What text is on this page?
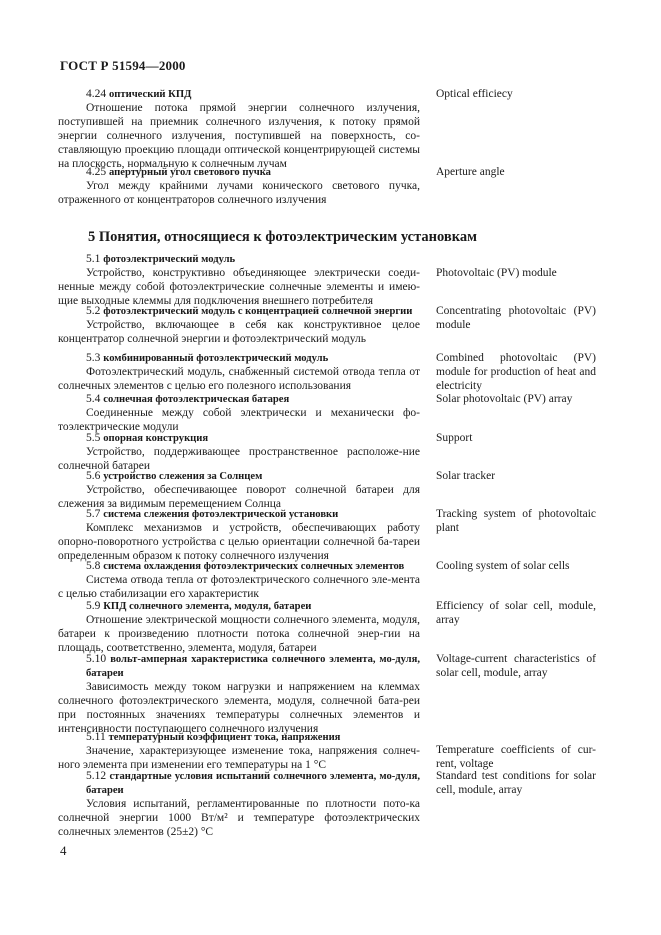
ГОСТ Р 51594—2000
4.24 оптический КПД
Отношение потока прямой энергии солнечного излучения, поступившей на приемник солнечного излучения, к потоку прямой энергии солнечного излучения, поступившей на поверхность, со-ставляющую проекцию площади оптической концентрирующей системы на плоскость, нормальную к солнечным лучам
Optical efficiecy
4.25 апертурный угол светового пучка
Угол между крайними лучами конического светового пучка, отраженного от концентраторов солнечного излучения
Aperture angle
5 Понятия, относящиеся к фотоэлектрическим установкам
5.1 фотоэлектрический модуль
Устройство, конструктивно объединяющее электрически соеди-ненные между собой фотоэлектрические солнечные элементы и имею-щие выходные клеммы для подключения внешнего потребителя
Photovoltaic (PV) module
5.2 фотоэлектрический модуль с концентрацией солнечной энергии
Устройство, включающее в себя как конструктивное целое концентратор солнечной энергии и фотоэлектрический модуль
Concentrating photovoltaic (PV) module
5.3 комбинированный фотоэлектрический модуль
Фотоэлектрический модуль, снабженный системой отвода тепла от солнечных элементов с целью его полезного использования
Combined photovoltaic (PV) module for production of heat and electricity
5.4 солнечная фотоэлектрическая батарея
Соединенные между собой электрически и механически фо-тоэлектрические модули
Solar photovoltaic (PV) array
5.5 опорная конструкция
Устройство, поддерживающее пространственное расположе-ние солнечной батареи
Support
5.6 устройство слежения за Солнцем
Устройство, обеспечивающее поворот солнечной батареи для слежения за видимым перемещением Солнца
Solar tracker
5.7 система слежения фотоэлектрической установки
Комплекс механизмов и устройств, обеспечивающих работу опорно-поворотного устройства с целью ориентации солнечной ба-тареи определенным образом к потоку солнечного излучения
Tracking system of photovoltaic plant
5.8 система охлаждения фотоэлектрических солнечных элементов
Система отвода тепла от фотоэлектрического солнечного эле-мента с целью стабилизации его характеристик
Cooling system of solar cells
5.9 КПД солнечного элемента, модуля, батареи
Отношение электрической мощности солнечного элемента, модуля, батареи к произведению плотности потока солнечной энер-гии на площадь, соответственно, элемента, модуля, батареи
Efficiency of solar cell, module, array
5.10 вольт-амперная характеристика солнечного элемента, мо-дуля, батареи
Зависимость между током нагрузки и напряжением на клеммах солнечного фотоэлектрического элемента, модуля, солнечной бата-реи при постоянных значениях температуры солнечных элементов и интенсивности поступающего солнечного излучения
Voltage-current characteristics of solar cell, module, array
5.11 температурный коэффициент тока, напряжения
Значение, характеризующее изменение тока, напряжения солнеч-ного элемента при изменении его температуры на 1 °С
Temperature coefficients of cur-rent, voltage
5.12 стандартные условия испытаний солнечного элемента, мо-дуля, батареи
Условия испытаний, регламентированные по плотности пото-ка солнечной энергии 1000 Вт/м² и температуре фотоэлектрических солнечных элементов (25±2) °С
Standard test conditions for solar cell, module, array
4
